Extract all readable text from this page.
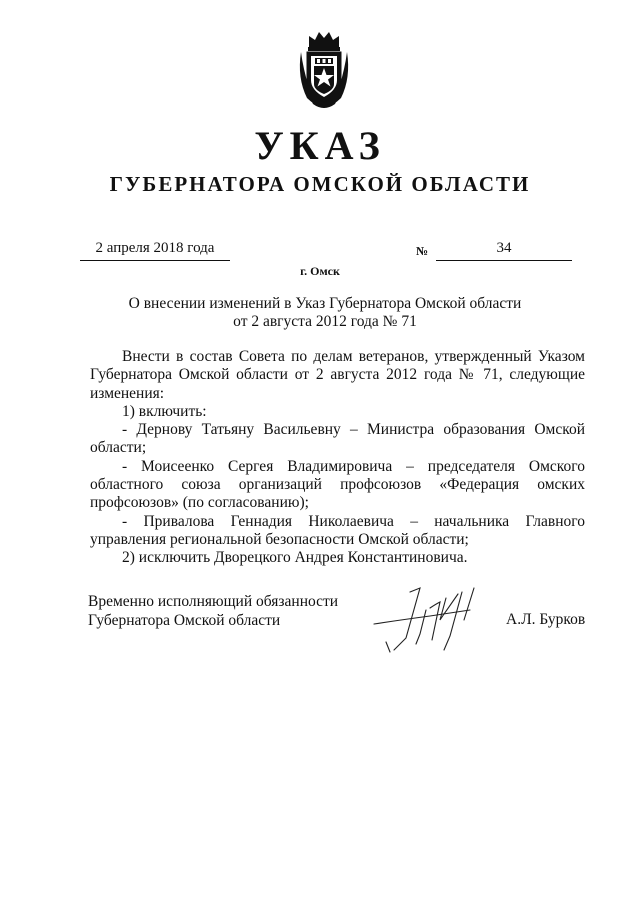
УКАЗ
ГУБЕРНАТОРА ОМСКОЙ ОБЛАСТИ
2 апреля 2018 года	№	34
г. Омск
О внесении изменений в Указ Губернатора Омской области
от 2 августа 2012 года № 71

Внести в состав Совета по делам ветеранов, утвержденный Указом Губернатора Омской области от 2 августа 2012 года № 71, следующие изменения:

1) включить:

- Дернову Татьяну Васильевну – Министра образования Омской области;

- Моисеенко Сергея Владимировича – председателя Омского областного союза организаций профсоюзов «Федерация омских профсоюзов» (по согласованию);

- Привалова Геннадия Николаевича – начальника Главного управления региональной безопасности Омской области;

2) исключить Дворецкого Андрея Константиновича.

Временно исполняющий обязанности
Губернатора Омской области	А.Л. Бурков
